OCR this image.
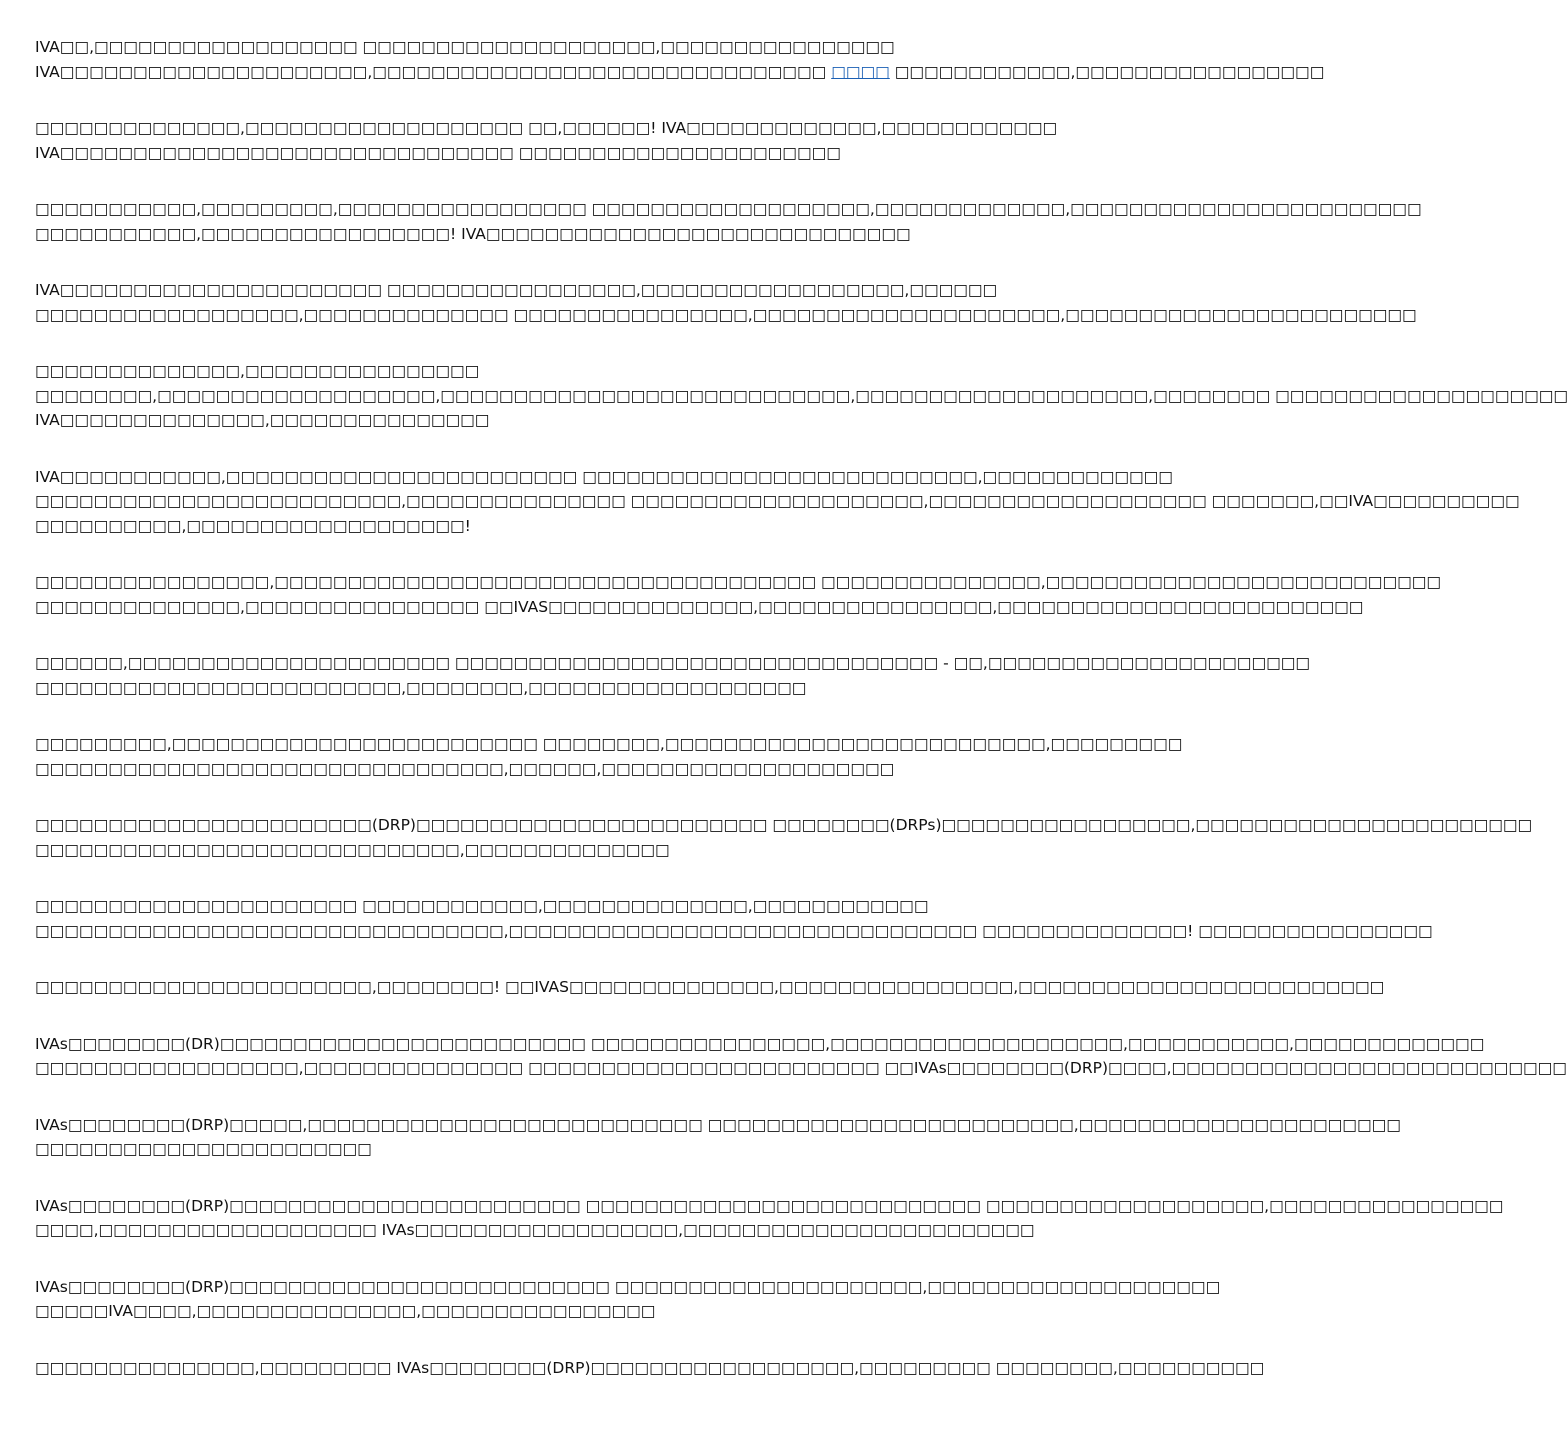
IVA□□,□□□□□□□□□□□□□□□□□□ □□□□□□□□□□□□□□□□□□□□,□□□□□□□□□□□□□□□□
IVA□□□□□□□□□□□□□□□□□□□□□,□□□□□□□□□□□□□□□□□□□□□□□□□□□□□□□ □□□□ □□□□□□□□□□□□,□□□□□□□□□□□□□□□□□
□□□□□□□□□□□□□□,□□□□□□□□□□□□□□□□□□□ □□,□□□□□□! IVA□□□□□□□□□□□□□,□□□□□□□□□□□□
IVA□□□□□□□□□□□□□□□□□□□□□□□□□□□□□□□ □□□□□□□□□□□□□□□□□□□□□□
□□□□□□□□□□□,□□□□□□□□□,□□□□□□□□□□□□□□□□□ □□□□□□□□□□□□□□□□□□□,□□□□□□□□□□□□□,□□□□□□□□□□□□□□□□□□□□□□□□
□□□□□□□□□□□,□□□□□□□□□□□□□□□□□! IVA□□□□□□□□□□□□□□□□□□□□□□□□□□□□□
IVA□□□□□□□□□□□□□□□□□□□□□□ □□□□□□□□□□□□□□□□□,□□□□□□□□□□□□□□□□□□,□□□□□□
□□□□□□□□□□□□□□□□□□,□□□□□□□□□□□□□□ □□□□□□□□□□□□□□□□,□□□□□□□□□□□□□□□□□□□□□,□□□□□□□□□□□□□□□□□□□□□□□□
□□□□□□□□□□□□□□,□□□□□□□□□□□□□□□□
□□□□□□□□,□□□□□□□□□□□□□□□□□□□,□□□□□□□□□□□□□□□□□□□□□□□□□□□□,□□□□□□□□□□□□□□□□□□□□,□□□□□□□□ □□□□□□□□□□□□□□□□□□□□
IVA□□□□□□□□□□□□□□,□□□□□□□□□□□□□□□
IVA□□□□□□□□□□□,□□□□□□□□□□□□□□□□□□□□□□□□ □□□□□□□□□□□□□□□□□□□□□□□□□□□,□□□□□□□□□□□□□
□□□□□□□□□□□□□□□□□□□□□□□□□,□□□□□□□□□□□□□□□ □□□□□□□□□□□□□□□□□□□□,□□□□□□□□□□□□□□□□□□□ □□□□□□□,□□IVA□□□□□□□□□□
□□□□□□□□□□,□□□□□□□□□□□□□□□□□□□!
□□□□□□□□□□□□□□□□,□□□□□□□□□□□□□□□□□□□□□□□□□□□□□□□□□□□□□ □□□□□□□□□□□□□□□,□□□□□□□□□□□□□□□□□□□□□□□□□□□
□□□□□□□□□□□□□□,□□□□□□□□□□□□□□□□ □□IVAS□□□□□□□□□□□□□□,□□□□□□□□□□□□□□□□,□□□□□□□□□□□□□□□□□□□□□□□□□
□□□□□□,□□□□□□□□□□□□□□□□□□□□□□ □□□□□□□□□□□□□□□□□□□□□□□□□□□□□□□□□ - □□,□□□□□□□□□□□□□□□□□□□□□□
□□□□□□□□□□□□□□□□□□□□□□□□□,□□□□□□□□,□□□□□□□□□□□□□□□□□□□
□□□□□□□□□,□□□□□□□□□□□□□□□□□□□□□□□□□ □□□□□□□□,□□□□□□□□□□□□□□□□□□□□□□□□□□,□□□□□□□□□
□□□□□□□□□□□□□□□□□□□□□□□□□□□□□□□□,□□□□□□,□□□□□□□□□□□□□□□□□□□□
□□□□□□□□□□□□□□□□□□□□□□□(DRP)□□□□□□□□□□□□□□□□□□□□□□□□ □□□□□□□□(DRPs)□□□□□□□□□□□□□□□□□,□□□□□□□□□□□□□□□□□□□□□□□
□□□□□□□□□□□□□□□□□□□□□□□□□□□□□,□□□□□□□□□□□□□□
□□□□□□□□□□□□□□□□□□□□□□ □□□□□□□□□□□□,□□□□□□□□□□□□□□,□□□□□□□□□□□□
□□□□□□□□□□□□□□□□□□□□□□□□□□□□□□□□,□□□□□□□□□□□□□□□□□□□□□□□□□□□□□□□□ □□□□□□□□□□□□□□! □□□□□□□□□□□□□□□□
□□□□□□□□□□□□□□□□□□□□□□□,□□□□□□□□! □□IVAS□□□□□□□□□□□□□□,□□□□□□□□□□□□□□□□,□□□□□□□□□□□□□□□□□□□□□□□□□
IVAs□□□□□□□□(DR)□□□□□□□□□□□□□□□□□□□□□□□□□ □□□□□□□□□□□□□□□□,□□□□□□□□□□□□□□□□□□□□,□□□□□□□□□□□,□□□□□□□□□□□□□
□□□□□□□□□□□□□□□□□□,□□□□□□□□□□□□□□□ □□□□□□□□□□□□□□□□□□□□□□□□ □□IVAs□□□□□□□□(DRP)□□□□,□□□□□□□□□□□□□□□□□□□□□□□□□□□
IVAs□□□□□□□□(DRP)□□□□□,□□□□□□□□□□□□□□□□□□□□□□□□□□□ □□□□□□□□□□□□□□□□□□□□□□□□□,□□□□□□□□□□□□□□□□□□□□□□
□□□□□□□□□□□□□□□□□□□□□□□
IVAs□□□□□□□□(DRP)□□□□□□□□□□□□□□□□□□□□□□□□ □□□□□□□□□□□□□□□□□□□□□□□□□□□ □□□□□□□□□□□□□□□□□□□,□□□□□□□□□□□□□□□□
□□□□,□□□□□□□□□□□□□□□□□□□ IVAs□□□□□□□□□□□□□□□□□□,□□□□□□□□□□□□□□□□□□□□□□□□
IVAs□□□□□□□□(DRP)□□□□□□□□□□□□□□□□□□□□□□□□□□ □□□□□□□□□□□□□□□□□□□□□,□□□□□□□□□□□□□□□□□□□□
□□□□□IVA□□□□,□□□□□□□□□□□□□□□,□□□□□□□□□□□□□□□□
□□□□□□□□□□□□□□□,□□□□□□□□□ IVAs□□□□□□□□(DRP)□□□□□□□□□□□□□□□□□□,□□□□□□□□□ □□□□□□□□,□□□□□□□□□□
